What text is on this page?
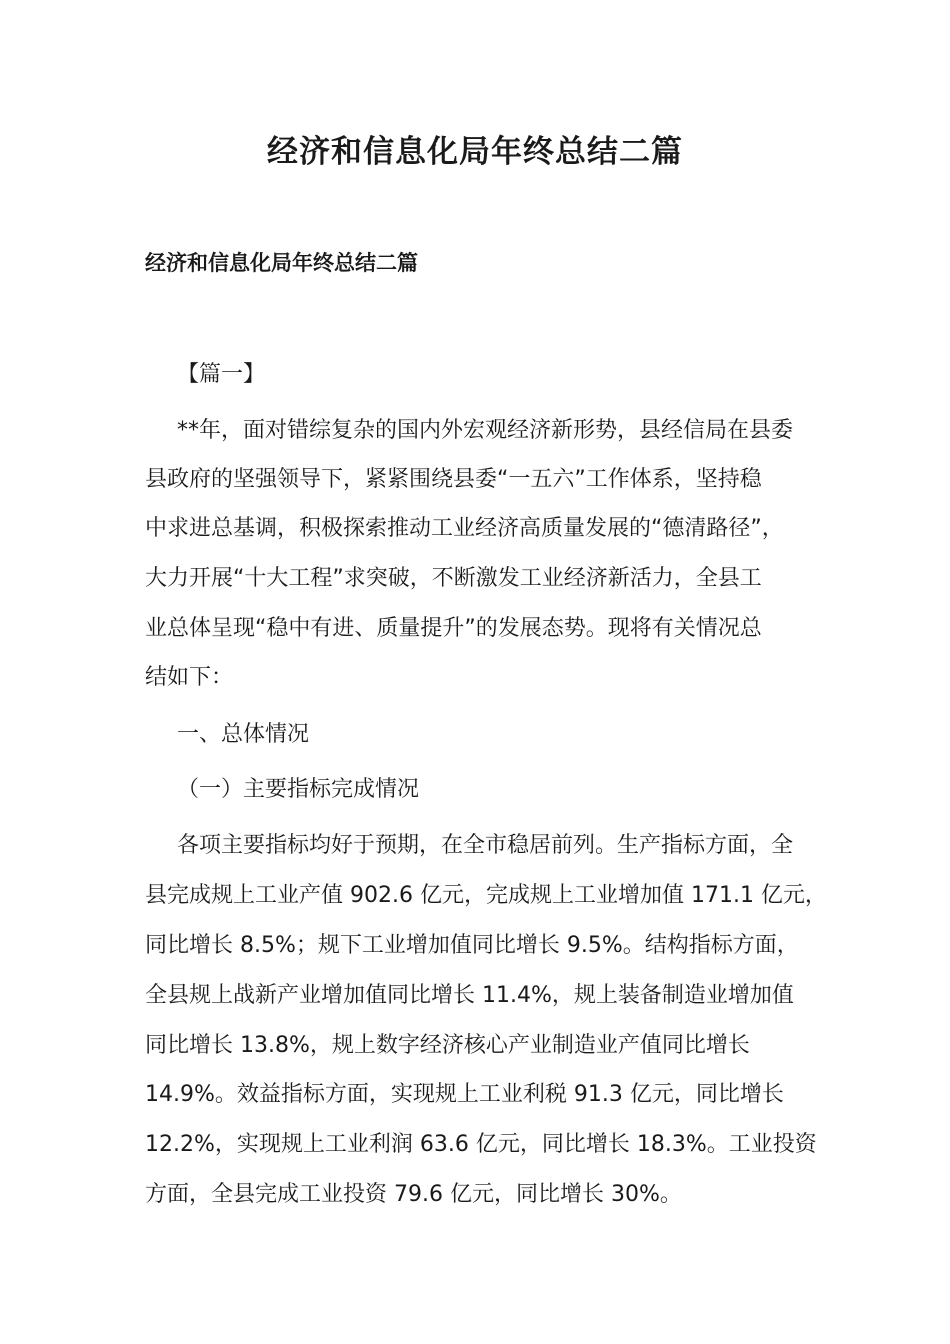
经济和信息化局年终总结二篇
经济和信息化局年终总结二篇

【篇一】

**年，面对错综复杂的国内外宏观经济新形势，县经信局在县委

县政府的坚强领导下，紧紧围绕县委“一五六”工作体系，坚持稳

中求进总基调，积极探索推动工业经济高质量发展的“德清路径”，

大力开展“十大工程”求突破，不断激发工业经济新活力，全县工

业总体呈现“稳中有进、质量提升”的发展态势。现将有关情况总

结如下：

一、总体情况

（一）主要指标完成情况

各项主要指标均好于预期，在全市稳居前列。生产指标方面，全

县完成规上工业产值 902.6 亿元，完成规上工业增加值 171.1 亿元，

同比增长 8.5%；规下工业增加值同比增长 9.5%。结构指标方面，

全县规上战新产业增加值同比增长 11.4%，规上装备制造业增加值

同比增长 13.8%，规上数字经济核心产业制造业产值同比增长

14.9%。效益指标方面，实现规上工业利税 91.3 亿元，同比增长

12.2%，实现规上工业利润 63.6 亿元，同比增长 18.3%。工业投资

方面，全县完成工业投资 79.6 亿元，同比增长 30%。
